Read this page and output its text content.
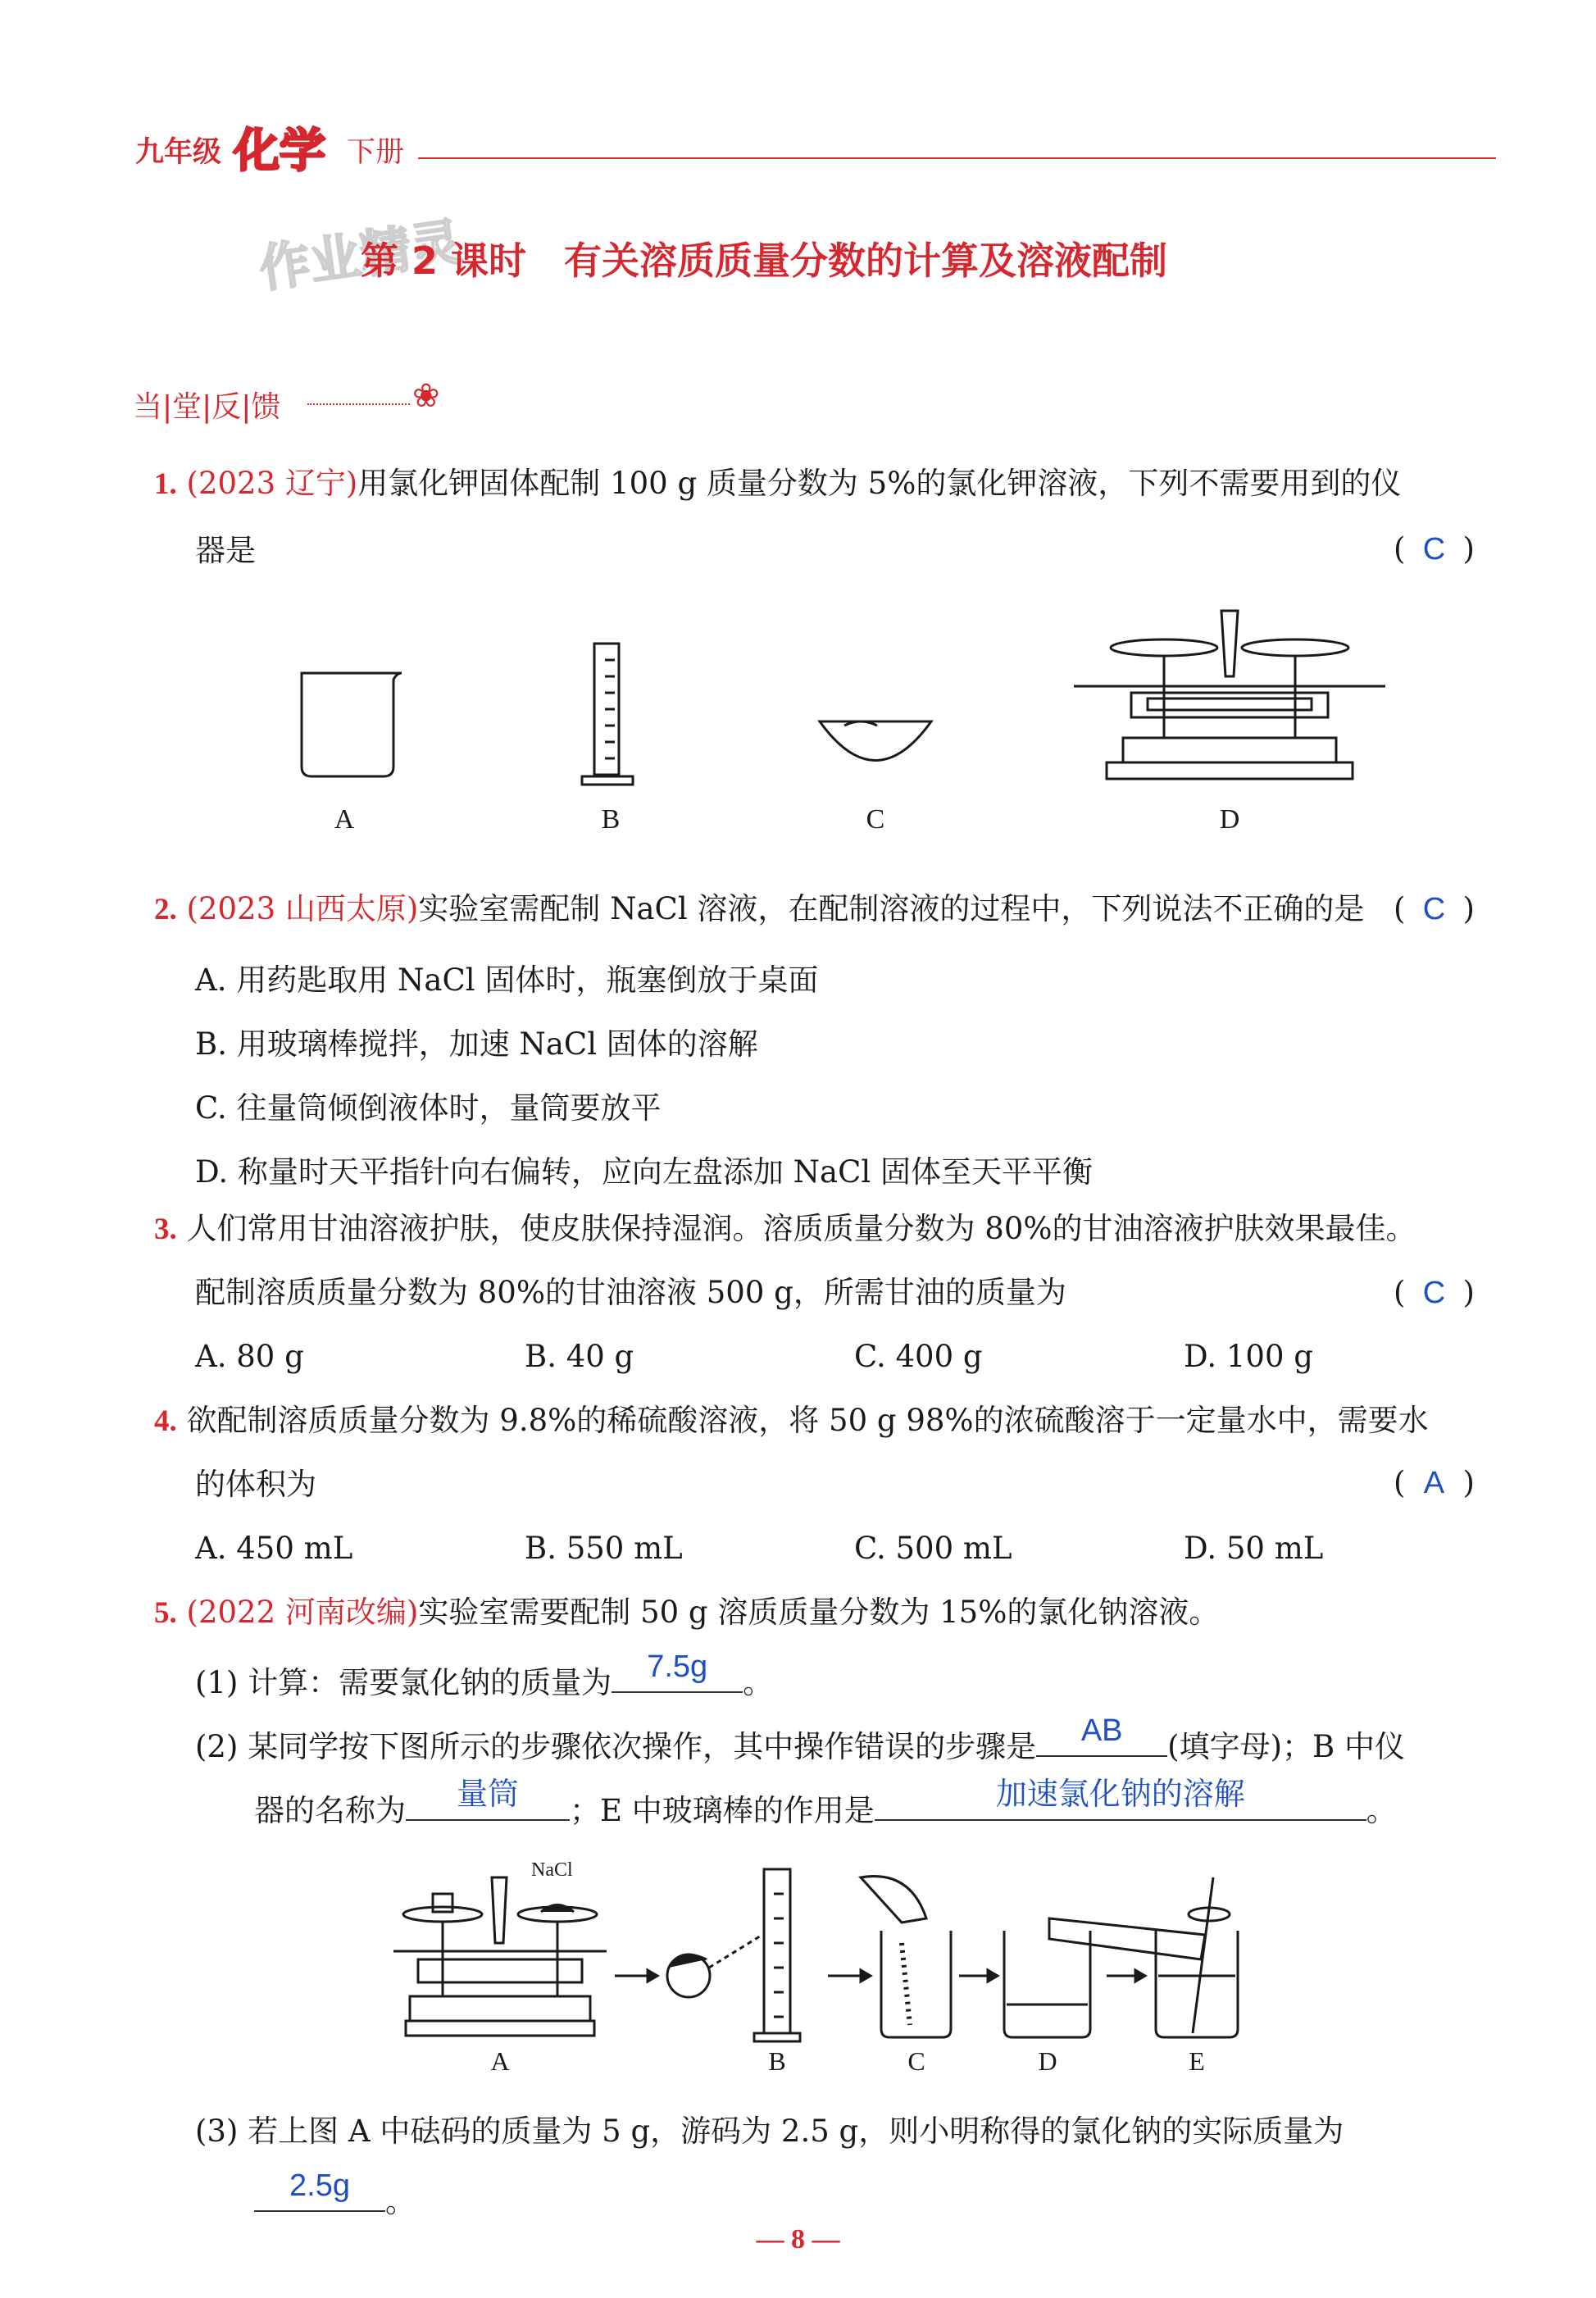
九年级 化学 下册
作业精灵
第 2 课时　有关溶质质量分数的计算及溶液配制
当|堂|反|馈	❀
1. (2023 辽宁)用氯化钾固体配制 100 g 质量分数为 5%的氯化钾溶液，下列不需要用到的仪
器是	( C )
A	B	C	D
2. (2023 山西太原)实验室需配制 NaCl 溶液，在配制溶液的过程中，下列说法不正确的是 ( C )
A. 用药匙取用 NaCl 固体时，瓶塞倒放于桌面
B. 用玻璃棒搅拌，加速 NaCl 固体的溶解
C. 往量筒倾倒液体时，量筒要放平
D. 称量时天平指针向右偏转，应向左盘添加 NaCl 固体至天平平衡
3. 人们常用甘油溶液护肤，使皮肤保持湿润。溶质质量分数为 80%的甘油溶液护肤效果最佳。
配制溶质质量分数为 80%的甘油溶液 500 g，所需甘油的质量为	( C )
A. 80 g	B. 40 g	C. 400 g	D. 100 g
4. 欲配制溶质质量分数为 9.8%的稀硫酸溶液，将 50 g 98%的浓硫酸溶于一定量水中，需要水
的体积为	( A )
A. 450 mL	B. 550 mL	C. 500 mL	D. 50 mL
5. (2022 河南改编)实验室需要配制 50 g 溶质质量分数为 15%的氯化钠溶液。
(1) 计算：需要氯化钠的质量为	7.5g	。
(2) 某同学按下图所示的步骤依次操作，其中操作错误的步骤是	AB	(填字母)；B 中仪
器的名称为	量筒	；E 中玻璃棒的作用是	加速氯化钠的溶解	。
NaCl
A	B	C	D	E
(3) 若上图 A 中砝码的质量为 5 g，游码为 2.5 g，则小明称得的氯化钠的实际质量为
2.5g	。
— 8 —
